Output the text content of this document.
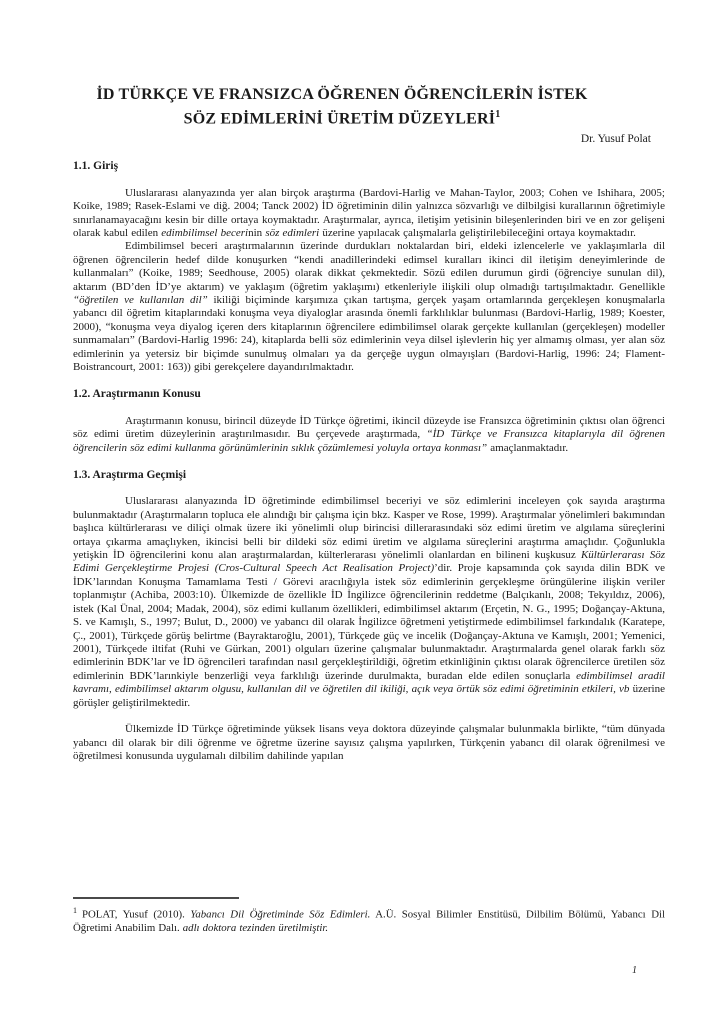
İD TÜRKÇE VE FRANSIZCA ÖĞRENEN ÖĞRENCİLERİN İSTEK
SÖZ EDİMLERİNİ ÜRETİM DÜZEYLERİ$^1$
Dr. Yusuf Polat
1.1. Giriş

Uluslararası alanyazında yer alan birçok araştırma (Bardovi-Harlig ve Mahan-Taylor, 2003; Cohen ve Ishihara, 2005; Koike, 1989; Rasek-Eslami ve diğ. 2004; Tanck 2002) İD öğretiminin dilin yalnızca sözvarlığı ve dilbilgisi kurallarının öğretimiyle sınırlanamayacağını kesin bir dille ortaya koymaktadır. Araştırmalar, ayrıca, iletişim yetisinin bileşenlerinden biri ve en zor gelişeni olarak kabul edilen edimbilimsel becerinin söz edimleri üzerine yapılacak çalışmalarla geliştirilebileceğini ortaya koymaktadır.

Edimbilimsel beceri araştırmalarının üzerinde durdukları noktalardan biri, eldeki izlencelerle ve yaklaşımlarla dil öğrenen öğrencilerin hedef dilde konuşurken “kendi anadillerindeki edimsel kuralları ikinci dil iletişim deneyimlerinde de kullanmaları” (Koike, 1989; Seedhouse, 2005) olarak dikkat çekmektedir. Sözü edilen durumun girdi (öğrenciye sunulan dil), aktarım (BD’den İD’ye aktarım) ve yaklaşım (öğretim yaklaşımı) etkenleriyle ilişkili olup olmadığı tartışılmaktadır. Genellikle “öğretilen ve kullanılan dil” ikiliği biçiminde karşımıza çıkan tartışma, gerçek yaşam ortamlarında gerçekleşen konuşmalarla yabancı dil öğretim kitaplarındaki konuşma veya diyaloglar arasında önemli farklılıklar bulunması (Bardovi-Harlig, 1989; Koester, 2000), “konuşma veya diyalog içeren ders kitaplarının öğrencilere edimbilimsel olarak gerçekte kullanılan (gerçekleşen) modeller sunmamaları” (Bardovi-Harlig 1996: 24), kitaplarda belli söz edimlerinin veya dilsel işlevlerin hiç yer almamış olması, yer alan söz edimlerinin ya yetersiz bir biçimde sunulmuş olmaları ya da gerçeğe uygun olmayışları (Bardovi-Harlig, 1996: 24; Flament-Boistrancourt, 2001: 163)) gibi gerekçelere dayandırılmaktadır.

1.2. Araştırmanın Konusu

Araştırmanın konusu, birincil düzeyde İD Türkçe öğretimi, ikincil düzeyde ise Fransızca öğretiminin çıktısı olan öğrenci söz edimi üretim düzeylerinin araştırılmasıdır. Bu çerçevede araştırmada, “İD Türkçe ve Fransızca kitaplarıyla dil öğrenen öğrencilerin söz edimi kullanma görünümlerinin sıklık çözümlemesi yoluyla ortaya konması” amaçlanmaktadır.

1.3. Araştırma Geçmişi

Uluslararası alanyazında İD öğretiminde edimbilimsel beceriyi ve söz edimlerini inceleyen çok sayıda araştırma bulunmaktadır (Araştırmaların topluca ele alındığı bir çalışma için bkz. Kasper ve Rose, 1999). Araştırmalar yönelimleri bakımından başlıca kültürlerarası ve diliçi olmak üzere iki yönelimli olup birincisi dillerarasındaki söz edimi üretim ve algılama süreçlerini ortaya çıkarma amaçlıyken, ikincisi belli bir dildeki söz edimi üretim ve algılama süreçlerini araştırma amaçlıdır. Çoğunlukla yetişkin İD öğrencilerini konu alan araştırmalardan, külterlerarası yönelimli olanlardan en bilineni kuşkusuz Kültürlerarası Söz Edimi Gerçekleştirme Projesi (Cros-Cultural Speech Act Realisation Project)’dir. Proje kapsamında çok sayıda dilin BDK ve İDK’larından Konuşma Tamamlama Testi / Görevi aracılığıyla istek söz edimlerinin gerçekleşme örüngülerine ilişkin veriler toplanmıştır (Achiba, 2003:10). Ülkemizde de özellikle İD İngilizce öğrencilerinin reddetme (Balçıkanlı, 2008; Tekyıldız, 2006), istek (Kal Ünal, 2004; Madak, 2004), söz edimi kullanım özellikleri, edimbilimsel aktarım (Erçetin, N. G., 1995; Doğançay-Aktuna, S. ve Kamışlı, S., 1997; Bulut, D., 2000) ve yabancı dil olarak İngilizce öğretmeni yetiştirmede edimbilimsel farkındalık (Karatepe, Ç., 2001), Türkçede görüş belirtme (Bayraktaroğlu, 2001), Türkçede güç ve incelik (Doğançay-Aktuna ve Kamışlı, 2001; Yemenici, 2001), Türkçede iltifat (Ruhi ve Gürkan, 2001) olguları üzerine çalışmalar bulunmaktadır. Araştırmalarda genel olarak farklı söz edimlerinin BDK’lar ve İD öğrencileri tarafından nasıl gerçekleştirildiği, öğretim etkinliğinin çıktısı olarak öğrencilerce üretilen söz edimlerinin BDK’larınkiyle benzerliği veya farklılığı üzerinde durulmakta, buradan elde edilen sonuçlarla edimbilimsel aradil kavramı, edimbilimsel aktarım olgusu, kullanılan dil ve öğretilen dil ikiliği, açık veya örtük söz edimi öğretiminin etkileri, vb üzerine görüşler geliştirilmektedir.

Ülkemizde İD Türkçe öğretiminde yüksek lisans veya doktora düzeyinde çalışmalar bulunmakla birlikte, “tüm dünyada yabancı dil olarak bir dili öğrenme ve öğretme üzerine sayısız çalışma yapılırken, Türkçenin yabancı dil olarak öğrenilmesi ve öğretilmesi konusunda uygulamalı dilbilim dahilinde yapılan

$^1$ POLAT, Yusuf (2010). Yabancı Dil Öğretiminde Söz Edimleri. A.Ü. Sosyal Bilimler Enstitüsü, Dilbilim Bölümü, Yabancı Dil Öğretimi Anabilim Dalı. adlı doktora tezinden üretilmiştir.

1
